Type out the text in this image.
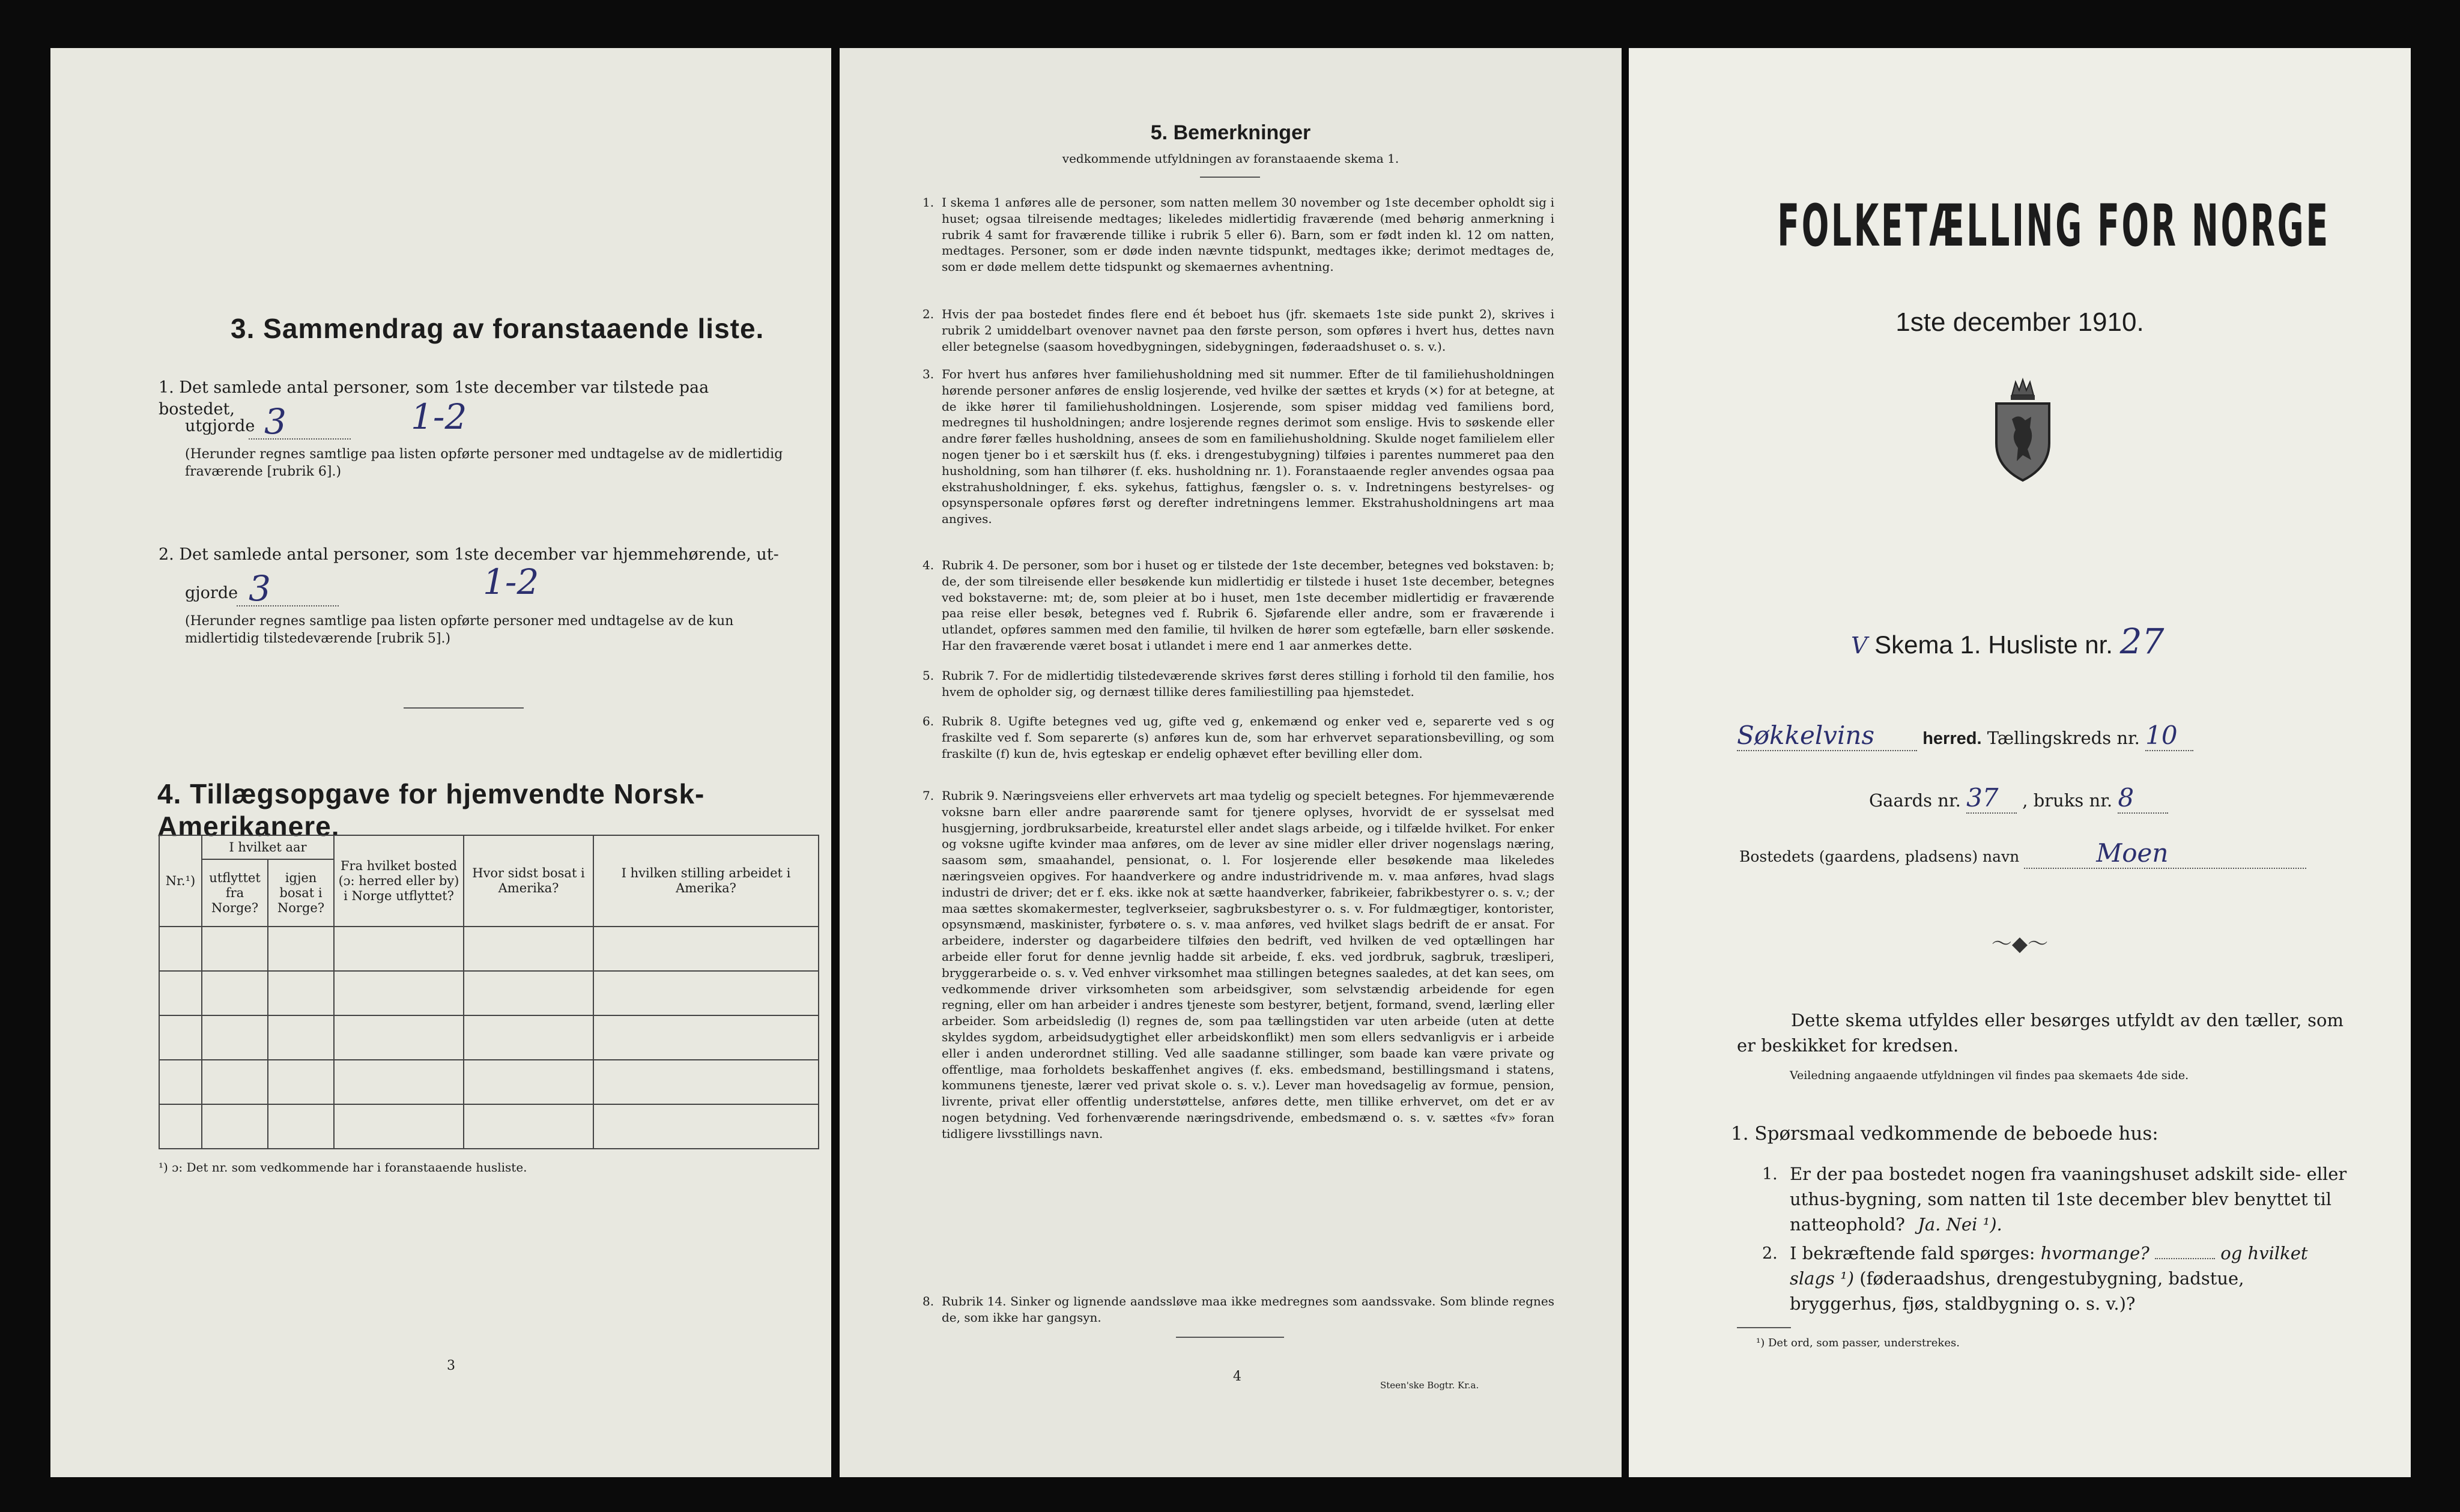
3. Sammendrag av foranstaaende liste.
1. Det samlede antal personer, som 1ste december var tilstede paa bostedet,
utgjorde 3	1-2
(Herunder regnes samtlige paa listen opførte personer med undtagelse av de midlertidig fraværende [rubrik 6].)
2. Det samlede antal personer, som 1ste december var hjemmehørende, ut-
gjorde 3	1-2
(Herunder regnes samtlige paa listen opførte personer med undtagelse av de kun midlertidig tilstedeværende [rubrik 5].)
4. Tillægsopgave for hjemvendte Norsk-Amerikanere.
Nr.¹)	I hvilket aar		Fra hvilket bosted (ɔ: herred eller by) i Norge utflyttet?	Hvor sidst bosat i Amerika?	I hvilken stilling arbeidet i Amerika?
	utflyttet fra Norge?	igjen bosat i Norge?			

¹) ɔ: Det nr. som vedkommende har i foranstaaende husliste.
3
5. Bemerkninger
vedkommende utfyldningen av foranstaaende skema 1.
1. I skema 1 anføres alle de personer, som natten mellem 30 november og 1ste december opholdt sig i huset; ogsaa tilreisende medtages; likeledes midlertidig fraværende (med behørig anmerkning i rubrik 4 samt for fraværende tillike i rubrik 5 eller 6). Barn, som er født inden kl. 12 om natten, medtages. Personer, som er døde inden nævnte tidspunkt, medtages ikke; derimot medtages de, som er døde mellem dette tidspunkt og skemaernes avhentning.
2. Hvis der paa bostedet findes flere end ét beboet hus (jfr. skemaets 1ste side punkt 2), skrives i rubrik 2 umiddelbart ovenover navnet paa den første person, som opføres i hvert hus, dettes navn eller betegnelse (saasom hovedbygningen, sidebygningen, føderaadshuset o. s. v.).
3. For hvert hus anføres hver familiehusholdning med sit nummer. Efter de til familiehusholdningen hørende personer anføres de enslig losjerende, ved hvilke der sættes et kryds (×) for at betegne, at de ikke hører til familiehusholdningen. Losjerende, som spiser middag ved familiens bord, medregnes til husholdningen; andre losjerende regnes derimot som enslige. Hvis to søskende eller andre fører fælles husholdning, ansees de som en familiehusholdning. Skulde noget familielem eller nogen tjener bo i et særskilt hus (f. eks. i drengestubygning) tilføies i parentes nummeret paa den husholdning, som han tilhører (f. eks. husholdning nr. 1). Foranstaaende regler anvendes ogsaa paa ekstrahusholdninger, f. eks. sykehus, fattighus, fængsler o. s. v. Indretningens bestyrelses- og opsynspersonale opføres først og derefter indretningens lemmer. Ekstrahusholdningens art maa angives.
4. Rubrik 4. De personer, som bor i huset og er tilstede der 1ste december, betegnes ved bokstaven: b; de, der som tilreisende eller besøkende kun midlertidig er tilstede i huset 1ste december, betegnes ved bokstaverne: mt; de, som pleier at bo i huset, men 1ste december midlertidig er fraværende paa reise eller besøk, betegnes ved f. Rubrik 6. Sjøfarende eller andre, som er fraværende i utlandet, opføres sammen med den familie, til hvilken de hører som egtefælle, barn eller søskende. Har den fraværende været bosat i utlandet i mere end 1 aar anmerkes dette.
5. Rubrik 7. For de midlertidig tilstedeværende skrives først deres stilling i forhold til den familie, hos hvem de opholder sig, og dernæst tillike deres familiestilling paa hjemstedet.
6. Rubrik 8. Ugifte betegnes ved ug, gifte ved g, enkemænd og enker ved e, separerte ved s og fraskilte ved f. Som separerte (s) anføres kun de, som har erhvervet separationsbevilling, og som fraskilte (f) kun de, hvis egteskap er endelig ophævet efter bevilling eller dom.
7. Rubrik 9. Næringsveiens eller erhvervets art maa tydelig og specielt betegnes. For hjemmeværende voksne barn eller andre paarørende samt for tjenere oplyses, hvorvidt de er sysselsat med husgjerning, jordbruksarbeide, kreaturstel eller andet slags arbeide, og i tilfælde hvilket. For enker og voksne ugifte kvinder maa anføres, om de lever av sine midler eller driver nogenslags næring, saasom søm, smaahandel, pensionat, o. l. For losjerende eller besøkende maa likeledes næringsveien opgives. For haandverkere og andre industridrivende m. v. maa anføres, hvad slags industri de driver; det er f. eks. ikke nok at sætte haandverker, fabrikeier, fabrikbestyrer o. s. v.; der maa sættes skomakermester, teglverkseier, sagbruksbestyrer o. s. v. For fuldmægtiger, kontorister, opsynsmænd, maskinister, fyrbøtere o. s. v. maa anføres, ved hvilket slags bedrift de er ansat. For arbeidere, inderster og dagarbeidere tilføies den bedrift, ved hvilken de ved optællingen har arbeide eller forut for denne jevnlig hadde sit arbeide, f. eks. ved jordbruk, sagbruk, træsliperi, bryggerarbeide o. s. v. Ved enhver virksomhet maa stillingen betegnes saaledes, at det kan sees, om vedkommende driver virksomheten som arbeidsgiver, som selvstændig arbeidende for egen regning, eller om han arbeider i andres tjeneste som bestyrer, betjent, formand, svend, lærling eller arbeider. Som arbeidsledig (l) regnes de, som paa tællingstiden var uten arbeide (uten at dette skyldes sygdom, arbeidsudygtighet eller arbeidskonflikt) men som ellers sedvanligvis er i arbeide eller i anden underordnet stilling. Ved alle saadanne stillinger, som baade kan være private og offentlige, maa forholdets beskaffenhet angives (f. eks. embedsmand, bestillingsmand i statens, kommunens tjeneste, lærer ved privat skole o. s. v.). Lever man hovedsagelig av formue, pension, livrente, privat eller offentlig understøttelse, anføres dette, men tillike erhvervet, om det er av nogen betydning. Ved forhenværende næringsdrivende, embedsmænd o. s. v. sættes «fv» foran tidligere livsstillings navn.
8. Rubrik 14. Sinker og lignende aandssløve maa ikke medregnes som aandssvake. Som blinde regnes de, som ikke har gangsyn.
4
Steen'ske Bogtr. Kr.a.
FOLKETÆLLING FOR NORGE
1ste december 1910.
V Skema 1. Husliste nr. 27
Søkkelvins	herred. Tællingskreds nr. 10
Gaards nr. 37 , bruks nr. 8
Bostedets (gaardens, pladsens) navn	Moen
〜◆〜
Dette skema utfyldes eller besørges utfyldt av den tæller, som er beskikket for kredsen.
Veiledning angaaende utfyldningen vil findes paa skemaets 4de side.
1. Spørsmaal vedkommende de beboede hus:
1. Er der paa bostedet nogen fra vaaningshuset adskilt side- eller uthus-bygning, som natten til 1ste december blev benyttet til natteophold? Ja. Nei ¹).
2. I bekræftende fald spørges: hvormange?	og hvilket slags ¹) (føderaadshus, drengestubygning, badstue, bryggerhus, fjøs, staldbygning o. s. v.)?
¹) Det ord, som passer, understrekes.
